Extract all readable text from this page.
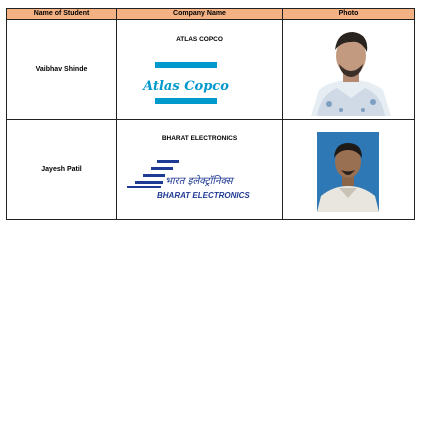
Name of Student	Company Name	Photo
Vaibhav Shinde	ATLAS COPCO
Atlas Copco

Jayesh Patil	BHARAT ELECTRONICS
भारत इलेक्ट्रॉनिक्स
BHARAT ELECTRONICS
